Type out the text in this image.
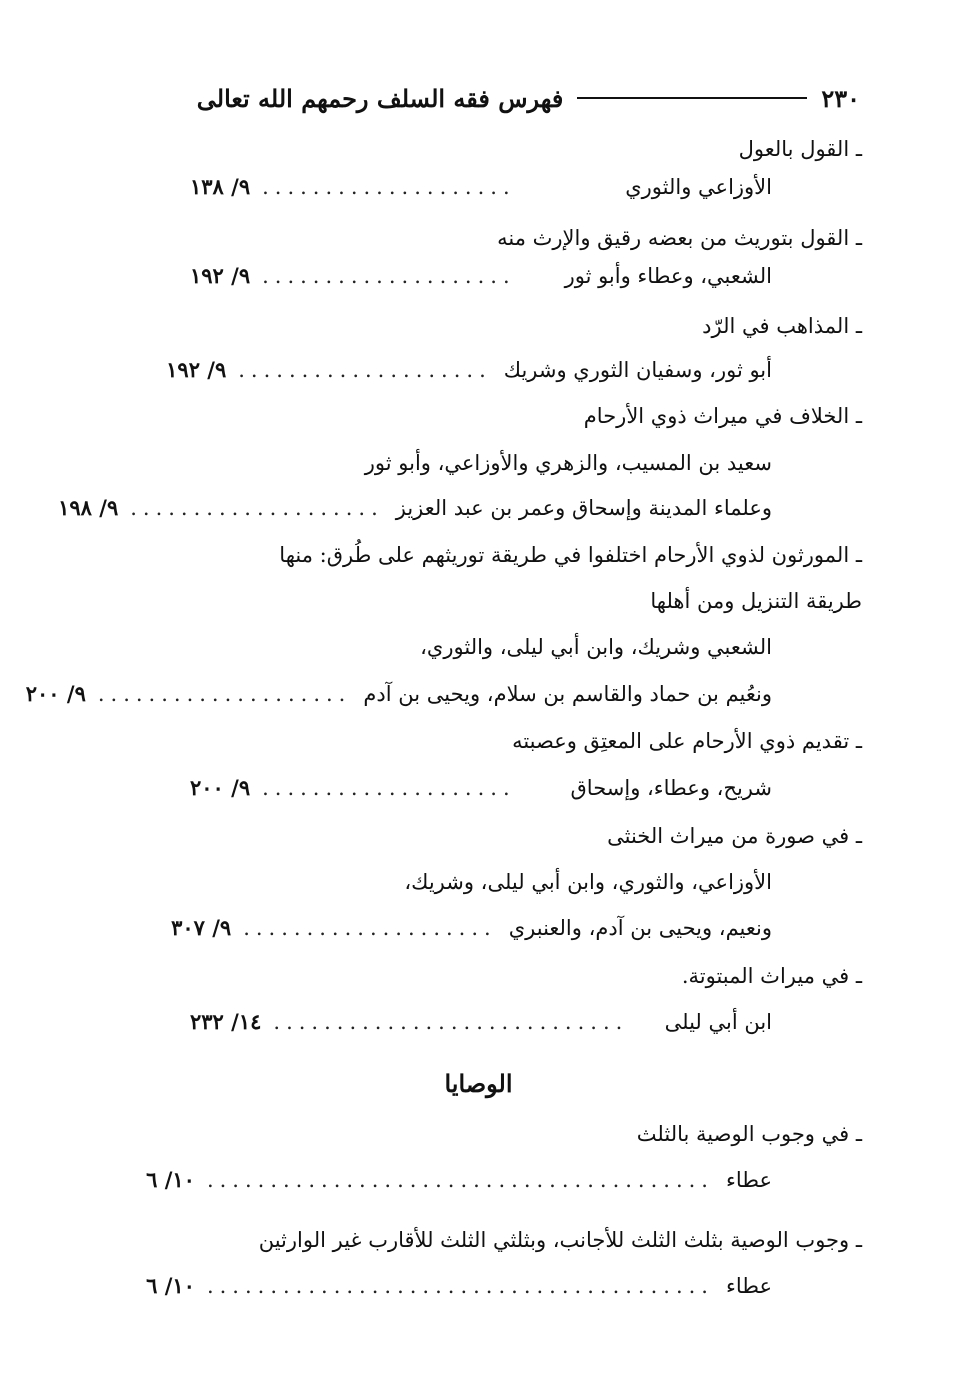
٢٣٠
فهرس فقه السلف رحمهم الله تعالى
ـ القول بالعول
الأوزاعي والثوري
....................
٩/ ١٣٨
ـ القول بتوريث من بعضه رقيق والإرث منه
الشعبي، وعطاء وأبو ثور
....................
٩/ ١٩٢
ـ المذاهب في الرّد
أبو ثور، وسفيان الثوري وشريك
....................
٩/ ١٩٢
ـ الخلاف في ميراث ذوي الأرحام
سعيد بن المسيب، والزهري والأوزاعي، وأبو ثور
وعلماء المدينة وإسحاق وعمر بن عبد العزيز
....................
٩/ ١٩٨
ـ المورثون لذوي الأرحام اختلفوا في طريقة توريثهم على طُرق: منها
طريقة التنزيل ومن أهلها
الشعبي وشريك، وابن أبي ليلى، والثوري،
ونعُيم بن حماد والقاسم بن سلام، ويحيى بن آدم
....................
٩/ ٢٠٠
ـ تقديم ذوي الأرحام على المعتِق وعصبته
شريح، وعطاء، وإسحاق
....................
٩/ ٢٠٠
ـ في صورة من ميراث الخنثى
الأوزاعي، والثوري، وابن أبي ليلى، وشريك،
ونعيم، ويحيى بن آدم، والعنبري
....................
٩/ ٣٠٧
ـ في ميراث المبتوتة.
ابن أبي ليلى
............................
١٤/ ٢٣٢
الوصايا
ـ في وجوب الوصية بالثلث
عطاء
........................................
١٠/ ٦
ـ وجوب الوصية بثلث الثلث للأجانب، وبثلثي الثلث للأقارب غير الوارثين
عطاء
........................................
١٠/ ٦
